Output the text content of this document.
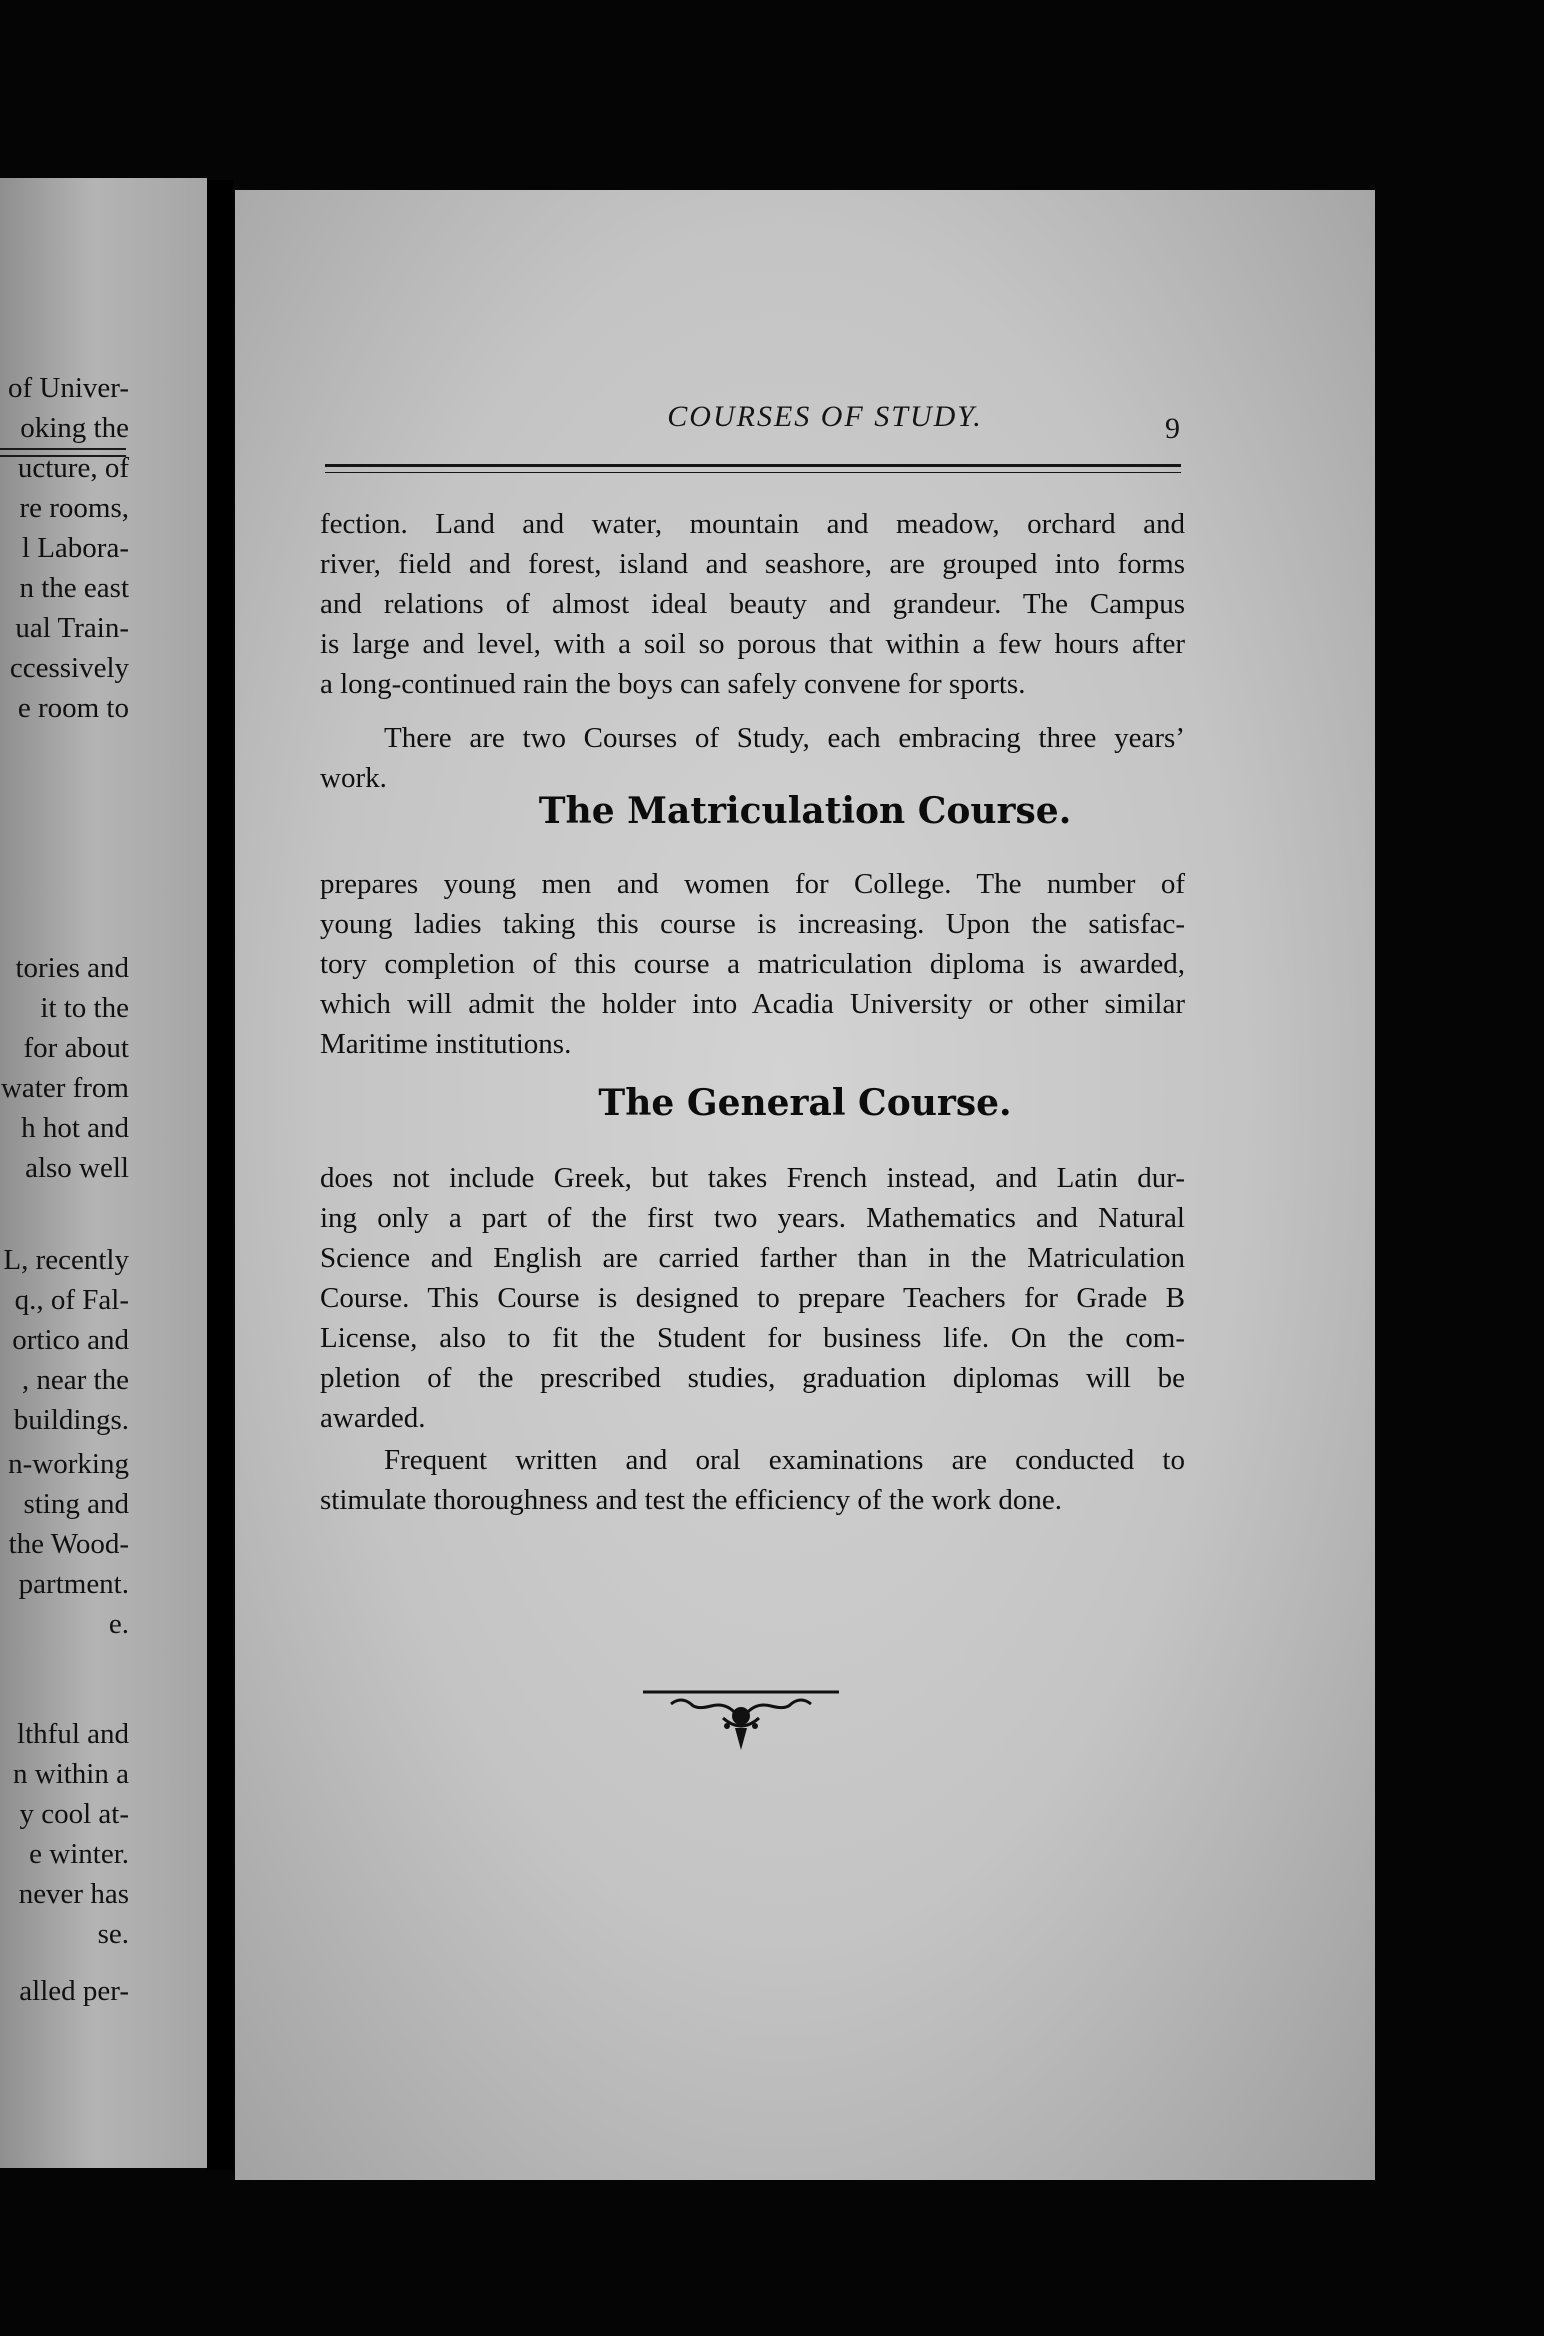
of Univer-
oking the
ucture, of
re rooms,
l Labora-
n the east
ual Train-
ccessively
e room to
tories and
it to the
for about
water from
h hot and
also well
L, recently
q., of Fal-
ortico and
, near the
buildings.
n-working
sting and
the Wood-
partment.
e.
lthful and
n within a
y cool at-
e winter.
never has
se.
alled per-
COURSES OF STUDY.	9
fection. Land and water, mountain and meadow, orchard and
river, field and forest, island and seashore, are grouped into forms
and relations of almost ideal beauty and grandeur. The Campus
is large and level, with a soil so porous that within a few hours after
a long-continued rain the boys can safely convene for sports.
There are two Courses of Study, each embracing three years’
work.
The Matriculation Course.
prepares young men and women for College. The number of
young ladies taking this course is increasing. Upon the satisfac-
tory completion of this course a matriculation diploma is awarded,
which will admit the holder into Acadia University or other similar
Maritime institutions.
The General Course.
does not include Greek, but takes French instead, and Latin dur-
ing only a part of the first two years. Mathematics and Natural
Science and English are carried farther than in the Matriculation
Course. This Course is designed to prepare Teachers for Grade B
License, also to fit the Student for business life. On the com-
pletion of the prescribed studies, graduation diplomas will be
awarded.
Frequent written and oral examinations are conducted to
stimulate thoroughness and test the efficiency of the work done.
